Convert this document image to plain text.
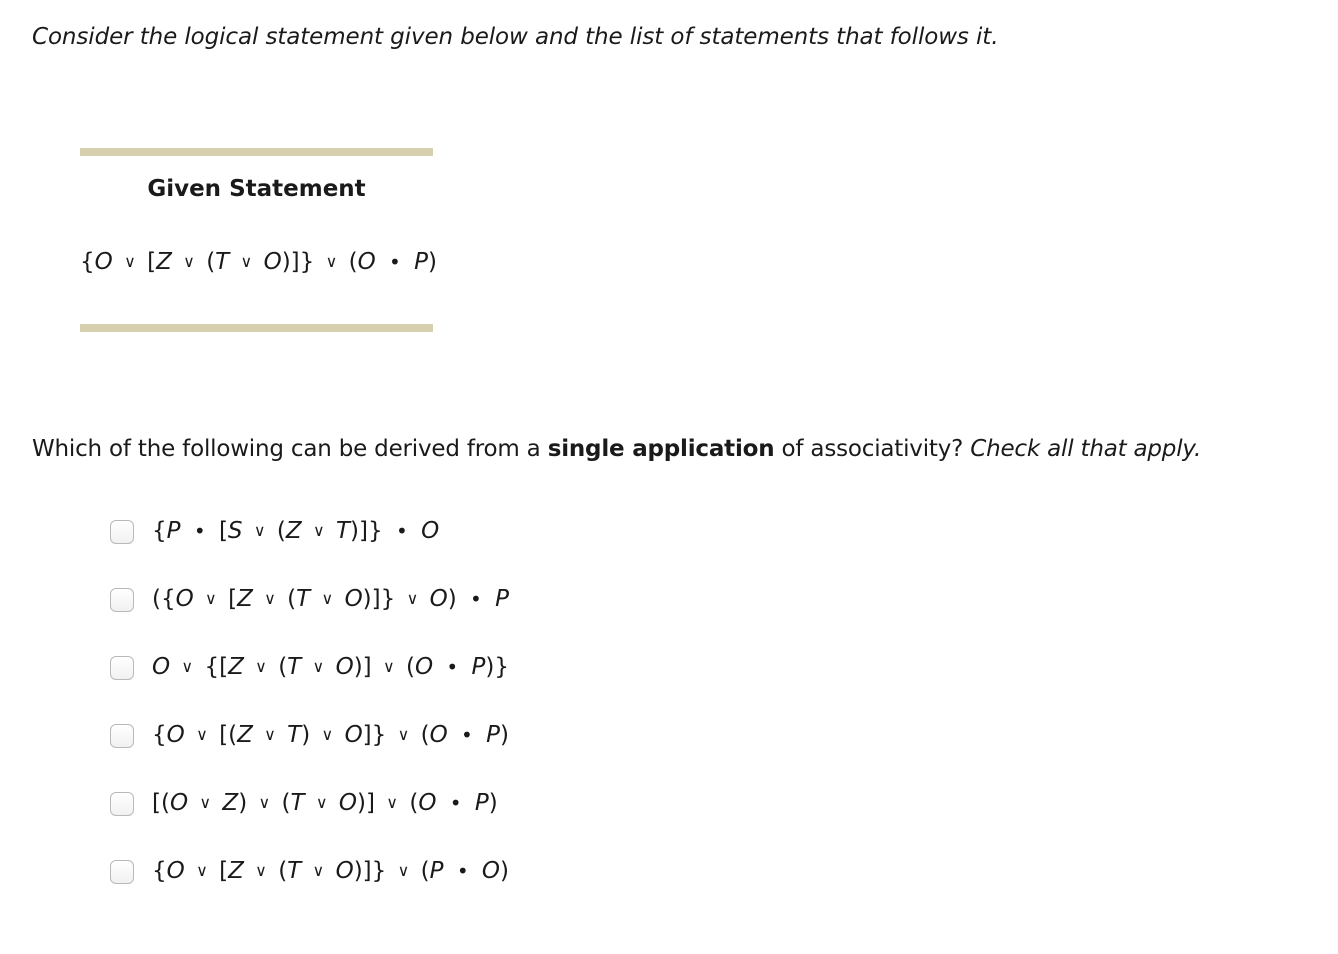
Consider the logical statement given below and the list of statements that follows it.
Given Statement
{O ∨ [Z ∨ (T ∨ O)]} ∨ (O • P)
Which of the following can be derived from a single application of associativity? Check all that apply.
{P • [S ∨ (Z ∨ T)]} • O
({O ∨ [Z ∨ (T ∨ O)]} ∨ O) • P
O ∨ {[Z ∨ (T ∨ O)] ∨ (O • P)}
{O ∨ [(Z ∨ T) ∨ O]} ∨ (O • P)
[(O ∨ Z) ∨ (T ∨ O)] ∨ (O • P)
{O ∨ [Z ∨ (T ∨ O)]} ∨ (P • O)
